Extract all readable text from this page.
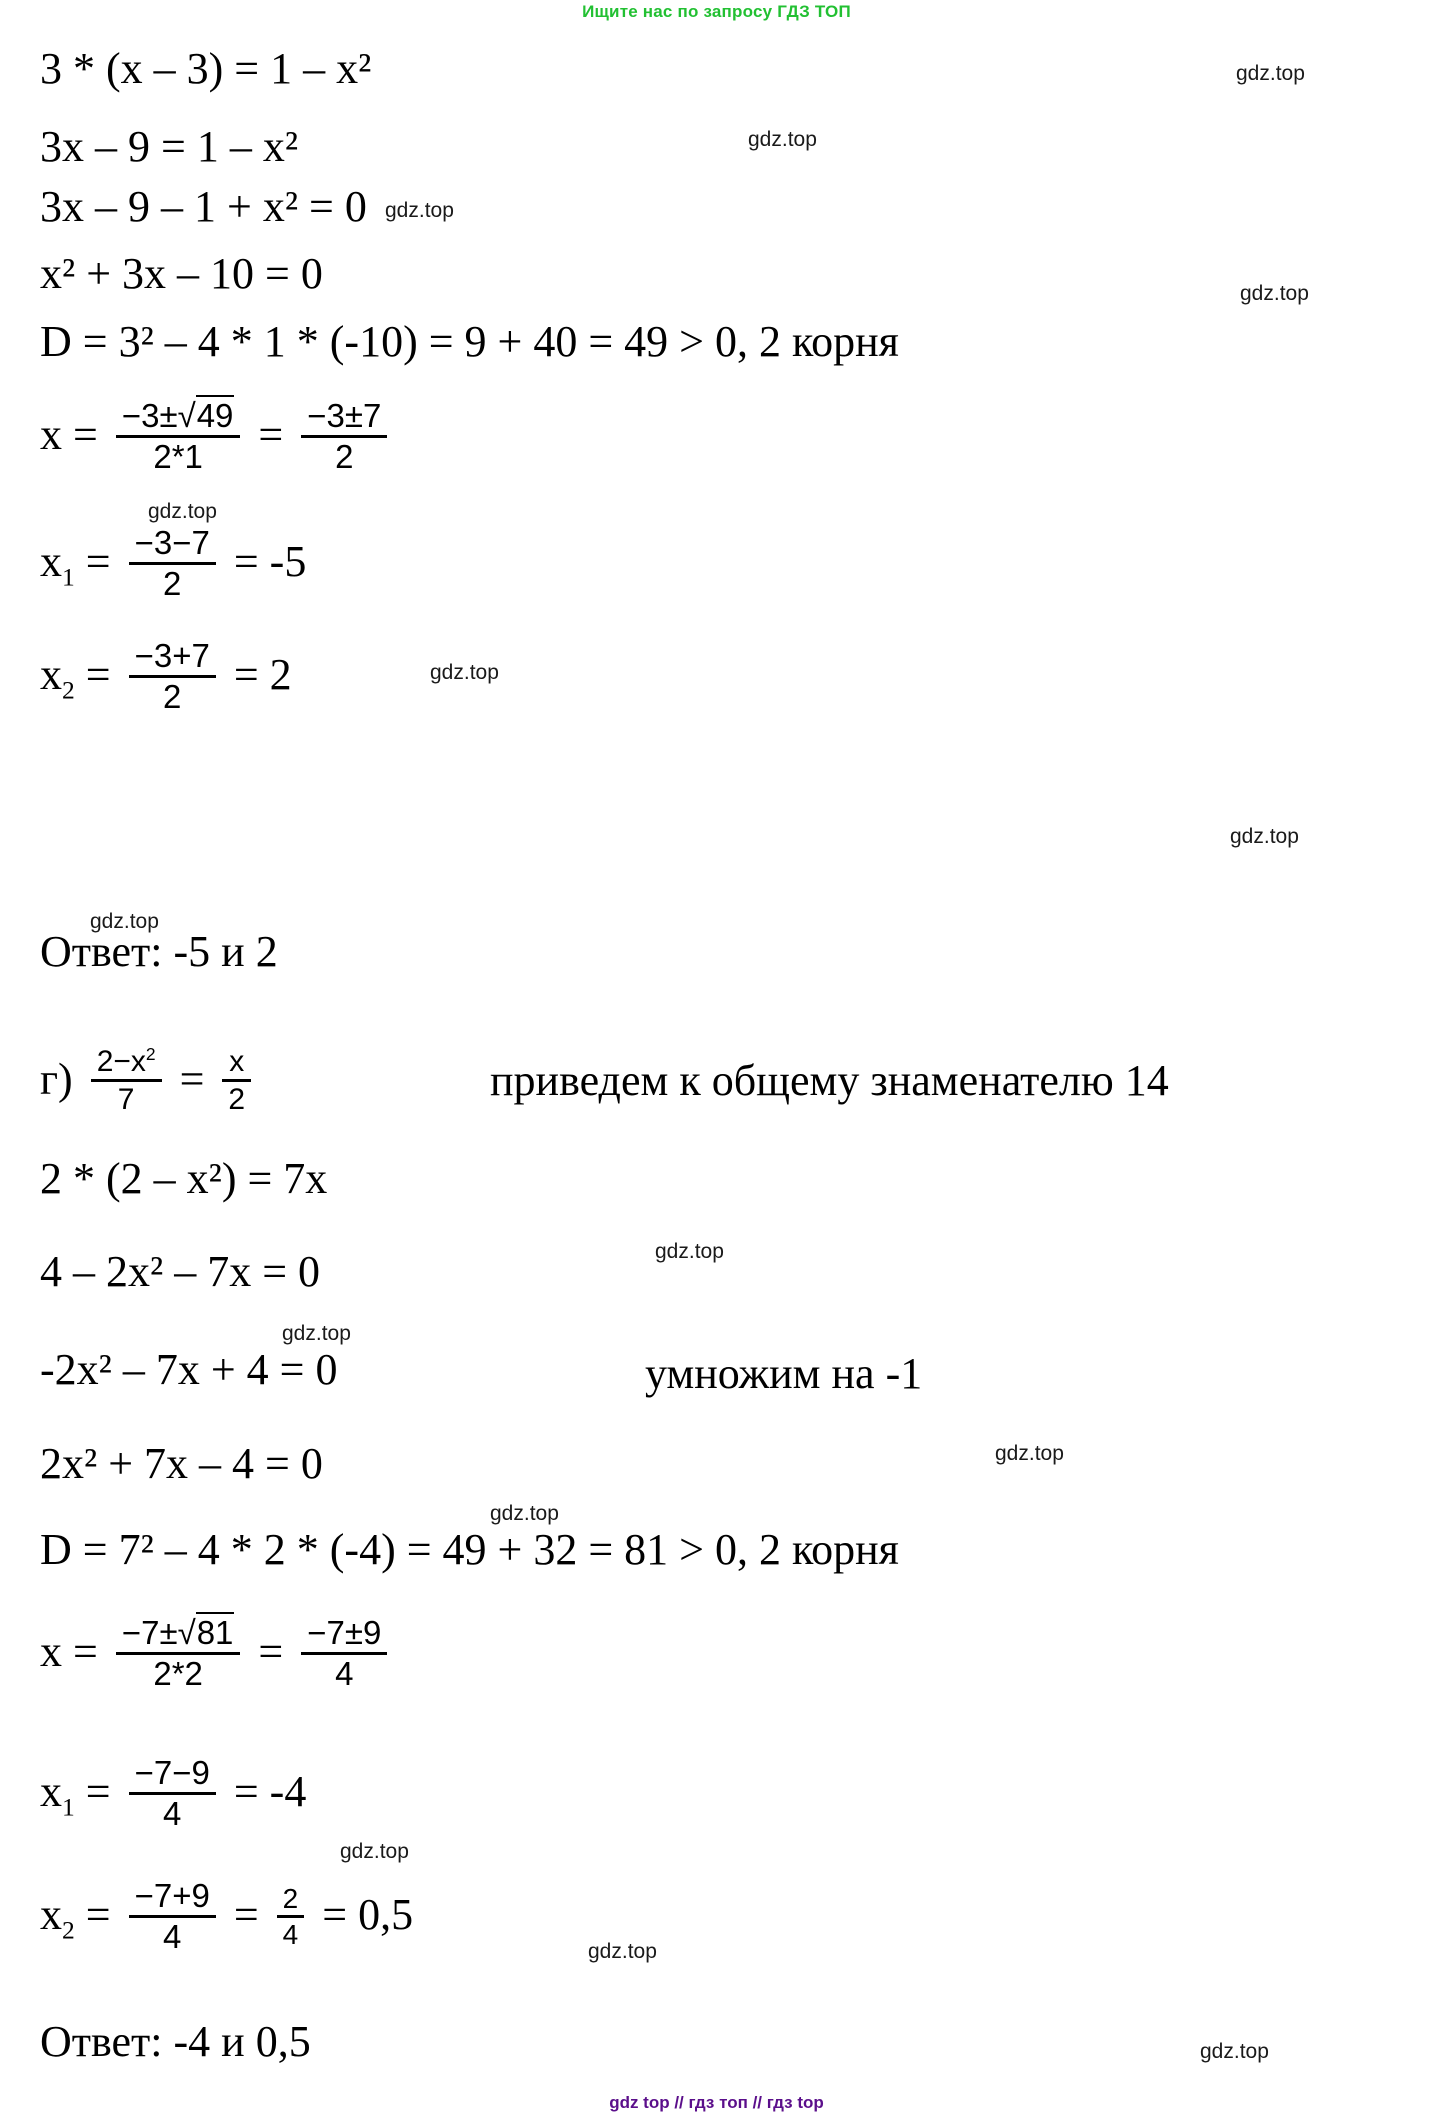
Ищите нас по запросу ГДЗ ТОП
3 * (x – 3) = 1 – x²
3x – 9 = 1 – x²
3x – 9 – 1 + x² = 0
x² + 3x – 10 = 0
D = 3² – 4 * 1 * (-10) = 9 + 40 = 49 > 0, 2 корня
$x = \frac{-3\pm√49}{2*1} = \frac{-3\pm 7}{2}$
$x_1 = \frac{-3-7}{2} = -5$
$x_2 = \frac{-3+7}{2} = 2$
Ответ: -5 и 2
$г) \frac{2-x^2}{7} = \frac{x}{2}$	приведем к общему знаменателю 14
2 * (2 – x²) = 7x
4 – 2x² – 7x = 0
-2x² – 7x + 4 = 0	умножим на -1
2x² + 7x – 4 = 0
D = 7² – 4 * 2 * (-4) = 49 + 32 = 81 > 0, 2 корня
$x = \frac{-7\pm√81}{2*2} = \frac{-7\pm 9}{4}$
$x_1 = \frac{-7-9}{4} = -4$
$x_2 = \frac{-7+9}{4} = \frac{2}{4} = 0,5$
Ответ: -4 и 0,5
gdz.top
gdz.top
gdz.top
gdz.top
gdz.top
gdz.top
gdz.top
gdz.top
gdz.top
gdz.top
gdz.top
gdz.top
gdz.top
gdz.top
gdz.top
gdz top // гдз топ // гдз top
